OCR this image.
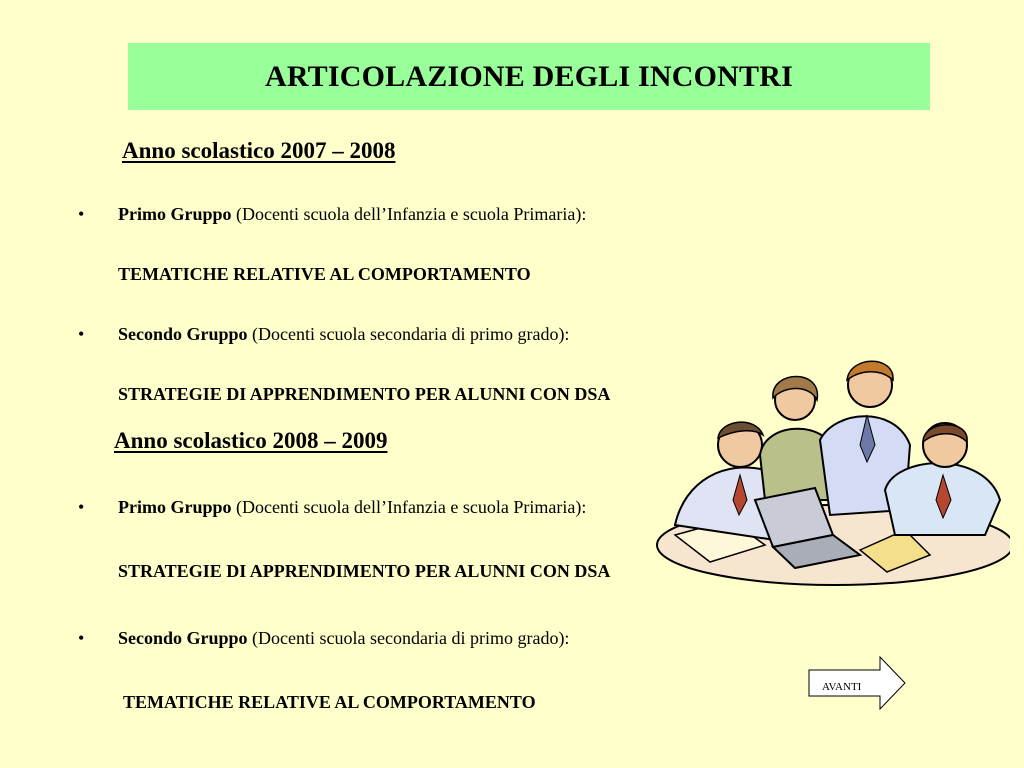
ARTICOLAZIONE DEGLI INCONTRI
Anno scolastico 2007 – 2008
• Primo Gruppo (Docenti scuola dell’Infanzia e scuola Primaria):
TEMATICHE RELATIVE AL COMPORTAMENTO
• Secondo Gruppo (Docenti scuola secondaria di primo grado):
STRATEGIE DI APPRENDIMENTO PER ALUNNI CON DSA
Anno scolastico 2008 – 2009
• Primo Gruppo (Docenti scuola dell’Infanzia e scuola Primaria):
STRATEGIE DI APPRENDIMENTO PER ALUNNI CON DSA
• Secondo Gruppo (Docenti scuola secondaria di primo grado):
TEMATICHE RELATIVE AL COMPORTAMENTO
AVANTI
